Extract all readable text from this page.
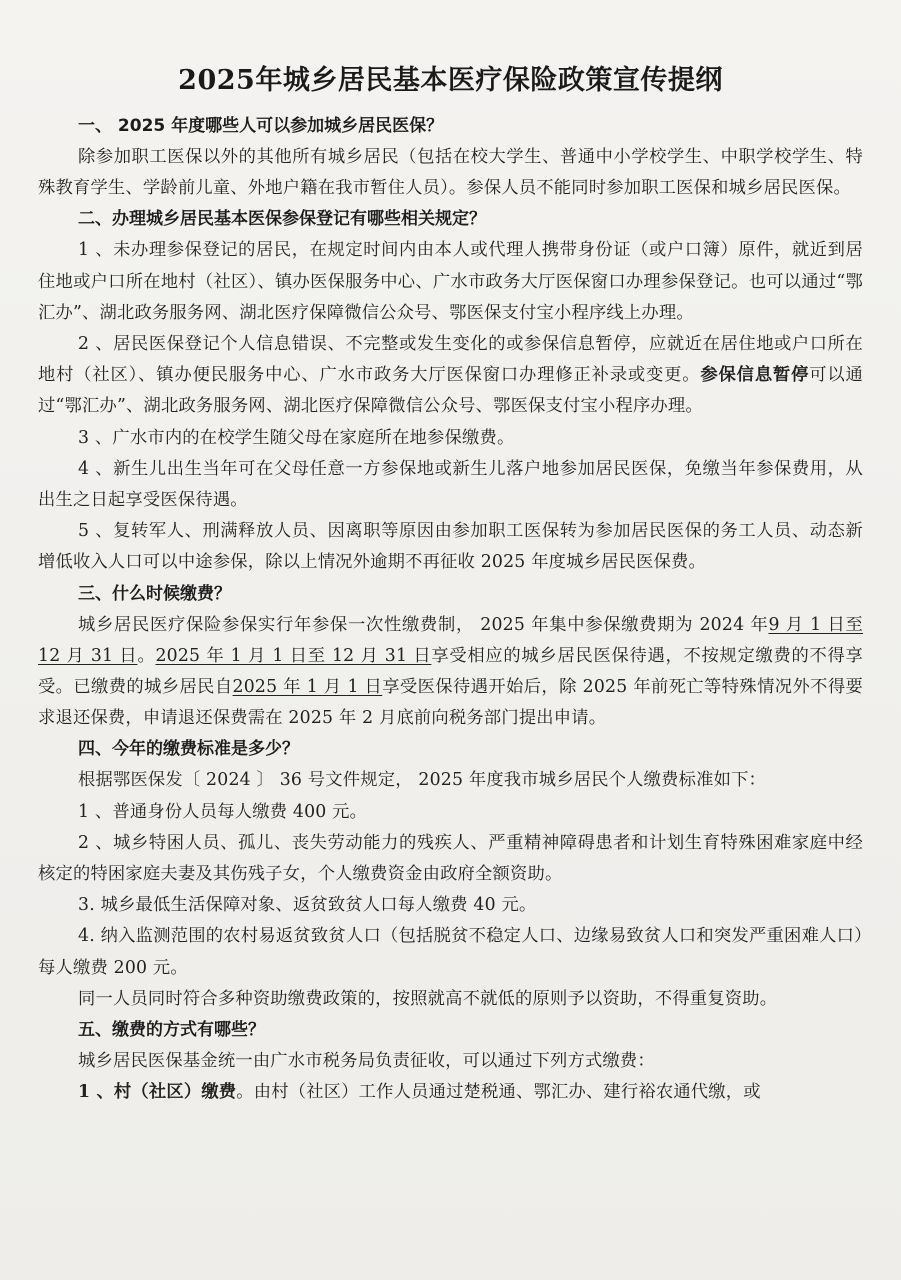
2025年城乡居民基本医疗保险政策宣传提纲
一、 2025 年度哪些人可以参加城乡居民医保？

除参加职工医保以外的其他所有城乡居民（包括在校大学生、普通中小学校学生、中职学校学生、特殊教育学生、学龄前儿童、外地户籍在我市暂住人员）。参保人员不能同时参加职工医保和城乡居民医保。

二、办理城乡居民基本医保参保登记有哪些相关规定？

1 、未办理参保登记的居民，在规定时间内由本人或代理人携带身份证（或户口簿）原件，就近到居住地或户口所在地村（社区）、镇办医保服务中心、广水市政务大厅医保窗口办理参保登记。也可以通过“鄂汇办”、湖北政务服务网、湖北医疗保障微信公众号、鄂医保支付宝小程序线上办理。

2 、居民医保登记个人信息错误、不完整或发生变化的或参保信息暂停，应就近在居住地或户口所在地村（社区）、镇办便民服务中心、广水市政务大厅医保窗口办理修正补录或变更。参保信息暂停可以通过“鄂汇办”、湖北政务服务网、湖北医疗保障微信公众号、鄂医保支付宝小程序办理。

3 、广水市内的在校学生随父母在家庭所在地参保缴费。

4 、新生儿出生当年可在父母任意一方参保地或新生儿落户地参加居民医保，免缴当年参保费用，从出生之日起享受医保待遇。

5 、复转军人、刑满释放人员、因离职等原因由参加职工医保转为参加居民医保的务工人员、动态新增低收入人口可以中途参保，除以上情况外逾期不再征收 2025 年度城乡居民医保费。

三、什么时候缴费？

城乡居民医疗保险参保实行年参保一次性缴费制， 2025 年集中参保缴费期为 2024 年9 月 1 日至 12 月 31 日。2025 年 1 月 1 日至 12 月 31 日享受相应的城乡居民医保待遇，不按规定缴费的不得享受。已缴费的城乡居民自2025 年 1 月 1 日享受医保待遇开始后，除 2025 年前死亡等特殊情况外不得要求退还保费，申请退还保费需在 2025 年 2 月底前向税务部门提出申请。

四、今年的缴费标准是多少？

根据鄂医保发〔 2024 〕 36 号文件规定， 2025 年度我市城乡居民个人缴费标准如下：

1 、普通身份人员每人缴费 400 元。

2 、城乡特困人员、孤儿、丧失劳动能力的残疾人、严重精神障碍患者和计划生育特殊困难家庭中经核定的特困家庭夫妻及其伤残子女，个人缴费资金由政府全额资助。

3. 城乡最低生活保障对象、返贫致贫人口每人缴费 40 元。

4. 纳入监测范围的农村易返贫致贫人口（包括脱贫不稳定人口、边缘易致贫人口和突发严重困难人口）每人缴费 200 元。

同一人员同时符合多种资助缴费政策的，按照就高不就低的原则予以资助，不得重复资助。

五、缴费的方式有哪些？

城乡居民医保基金统一由广水市税务局负责征收，可以通过下列方式缴费：

1 、村（社区）缴费。由村（社区）工作人员通过楚税通、鄂汇办、建行裕农通代缴，或
